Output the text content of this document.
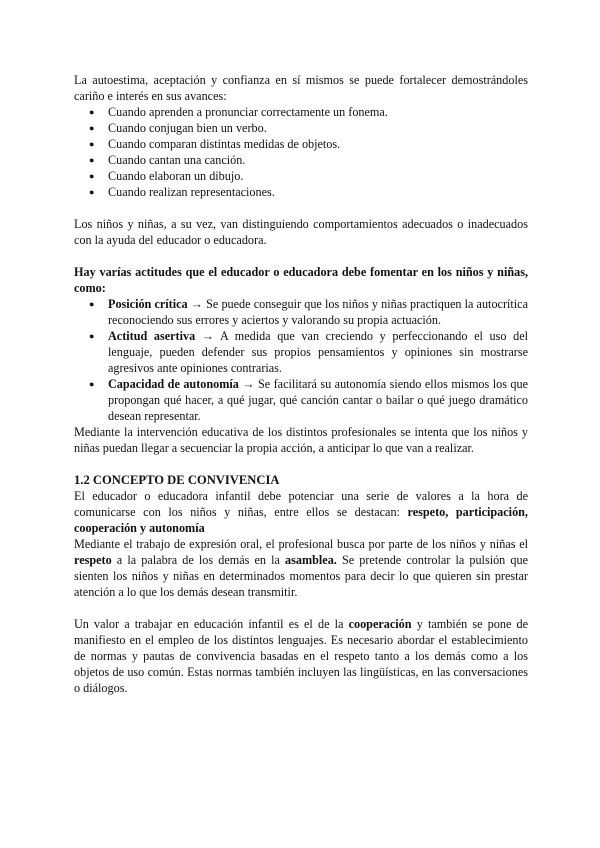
La autoestima, aceptación y confianza en sí mismos se puede fortalecer demostrándoles cariño e interés en sus avances:

● Cuando aprenden a pronunciar correctamente un fonema.
● Cuando conjugan bien un verbo.
● Cuando comparan distintas medidas de objetos.
● Cuando cantan una canción.
● Cuando elaboran un dibujo.
● Cuando realizan representaciones.

Los niños y niñas, a su vez, van distinguiendo comportamientos adecuados o inadecuados con la ayuda del educador o educadora.

Hay varías actitudes que el educador o educadora debe fomentar en los niños y niñas, como:

● Posición crítica → Se puede conseguir que los niños y niñas practiquen la autocrítica reconociendo sus errores y aciertos y valorando su propia actuación.
● Actitud asertiva → A medida que van creciendo y perfeccionando el uso del lenguaje, pueden defender sus propios pensamientos y opiniones sin mostrarse agresivos ante opiniones contrarias.
● Capacidad de autonomía → Se facilitará su autonomía siendo ellos mismos los que propongan qué hacer, a qué jugar, qué canción cantar o bailar o qué juego dramático desean representar.

Mediante la intervención educativa de los distintos profesionales se intenta que los niños y niñas puedan llegar a secuenciar la propia acción, a anticipar lo que van a realizar.

1.2 CONCEPTO DE CONVIVENCIA

El educador o educadora infantil debe potenciar una serie de valores a la hora de comunicarse con los niños y niñas, entre ellos se destacan: respeto, participación, cooperación y autonomía

Mediante el trabajo de expresión oral, el profesional busca por parte de los niños y niñas el respeto a la palabra de los demás en la asamblea. Se pretende controlar la pulsión que sienten los niños y niñas en determinados momentos para decir lo que quieren sin prestar atención a lo que los demás desean transmitir.

Un valor a trabajar en educación infantil es el de la cooperación y también se pone de manifiesto en el empleo de los distintos lenguajes. Es necesario abordar el establecimiento de normas y pautas de convivencia basadas en el respeto tanto a los demás como a los objetos de uso común. Estas normas también incluyen las lingüísticas, en las conversaciones o diálogos.
